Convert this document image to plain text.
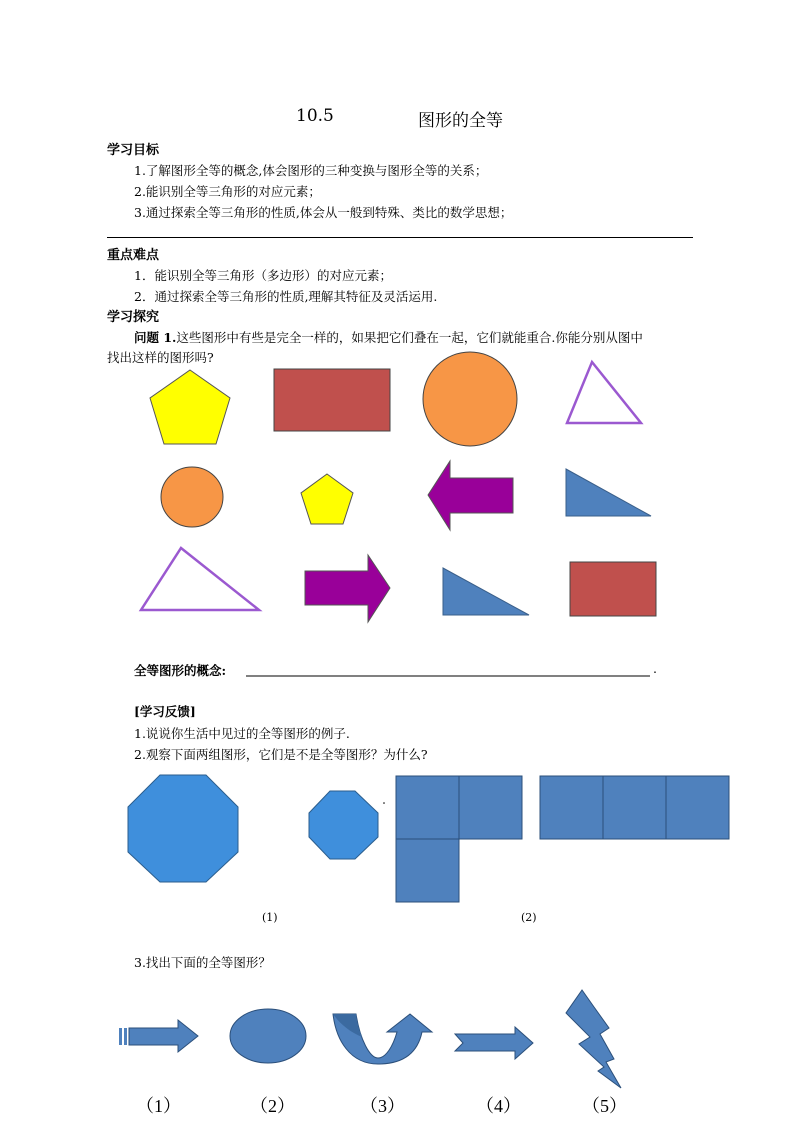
10.5	图形的全等
学习目标
1.了解图形全等的概念,体会图形的三种变换与图形全等的关系；
2.能识别全等三角形的对应元素；
3.通过探索全等三角形的性质,体会从一般到特殊、类比的数学思想；
重点难点
1．能识别全等三角形（多边形）的对应元素；
2．通过探索全等三角形的性质,理解其特征及灵活运用.
学习探究
问题 1.这些图形中有些是完全一样的，如果把它们叠在一起，它们就能重合.你能分别从图中
找出这样的图形吗?
全等图形的概念:	.
[学习反馈]
1.说说你生活中见过的全等图形的例子.
2.观察下面两组图形，它们是不是全等图形？为什么?
(1)	(2)
3.找出下面的全等图形？
（1）	（2）	（3）	（4）	（5）
